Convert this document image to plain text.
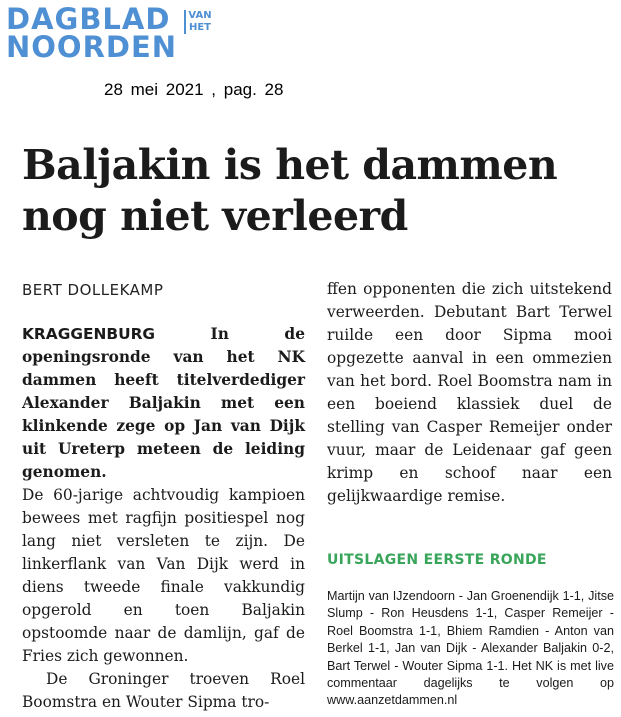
DAGBLAD
NOORDEN
VAN
HET
28 mei 2021 , pag. 28
Baljakin is het dammen nog niet verleerd
BERT DOLLEKAMP
KRAGGENBURG In de openingsronde van het NK dammen heeft titelverdediger Alexander Baljakin met een klinkende zege op Jan van Dijk uit Ureterp meteen de leiding genomen.

De 60-jarige achtvoudig kampioen bewees met ragfijn positiespel nog lang niet versleten te zijn. De linkerflank van Van Dijk werd in diens tweede finale vakkundig opgerold en toen Baljakin opstoomde naar de damlijn, gaf de Fries zich gewonnen.

De Groninger troeven Roel Boomstra en Wouter Sipma tro-

ffen opponenten die zich uitstekend verweerden. Debutant Bart Terwel ruilde een door Sipma mooi opgezette aanval in een ommezien van het bord. Roel Boomstra nam in een boeiend klassiek duel de stelling van Casper Remeijer onder vuur, maar de Leidenaar gaf geen krimp en schoof naar een gelijkwaardige remise.

UITSLAGEN EERSTE RONDE
Martijn van IJzendoorn - Jan Groenendijk 1-1, Jitse Slump - Ron Heusdens 1-1, Casper Remeijer - Roel Boomstra 1-1, Bhiem Ramdien - Anton van Berkel 1-1, Jan van Dijk - Alexander Baljakin 0-2, Bart Terwel - Wouter Sipma 1-1. Het NK is met live commentaar dagelijks te volgen op www.aanzetdammen.nl
